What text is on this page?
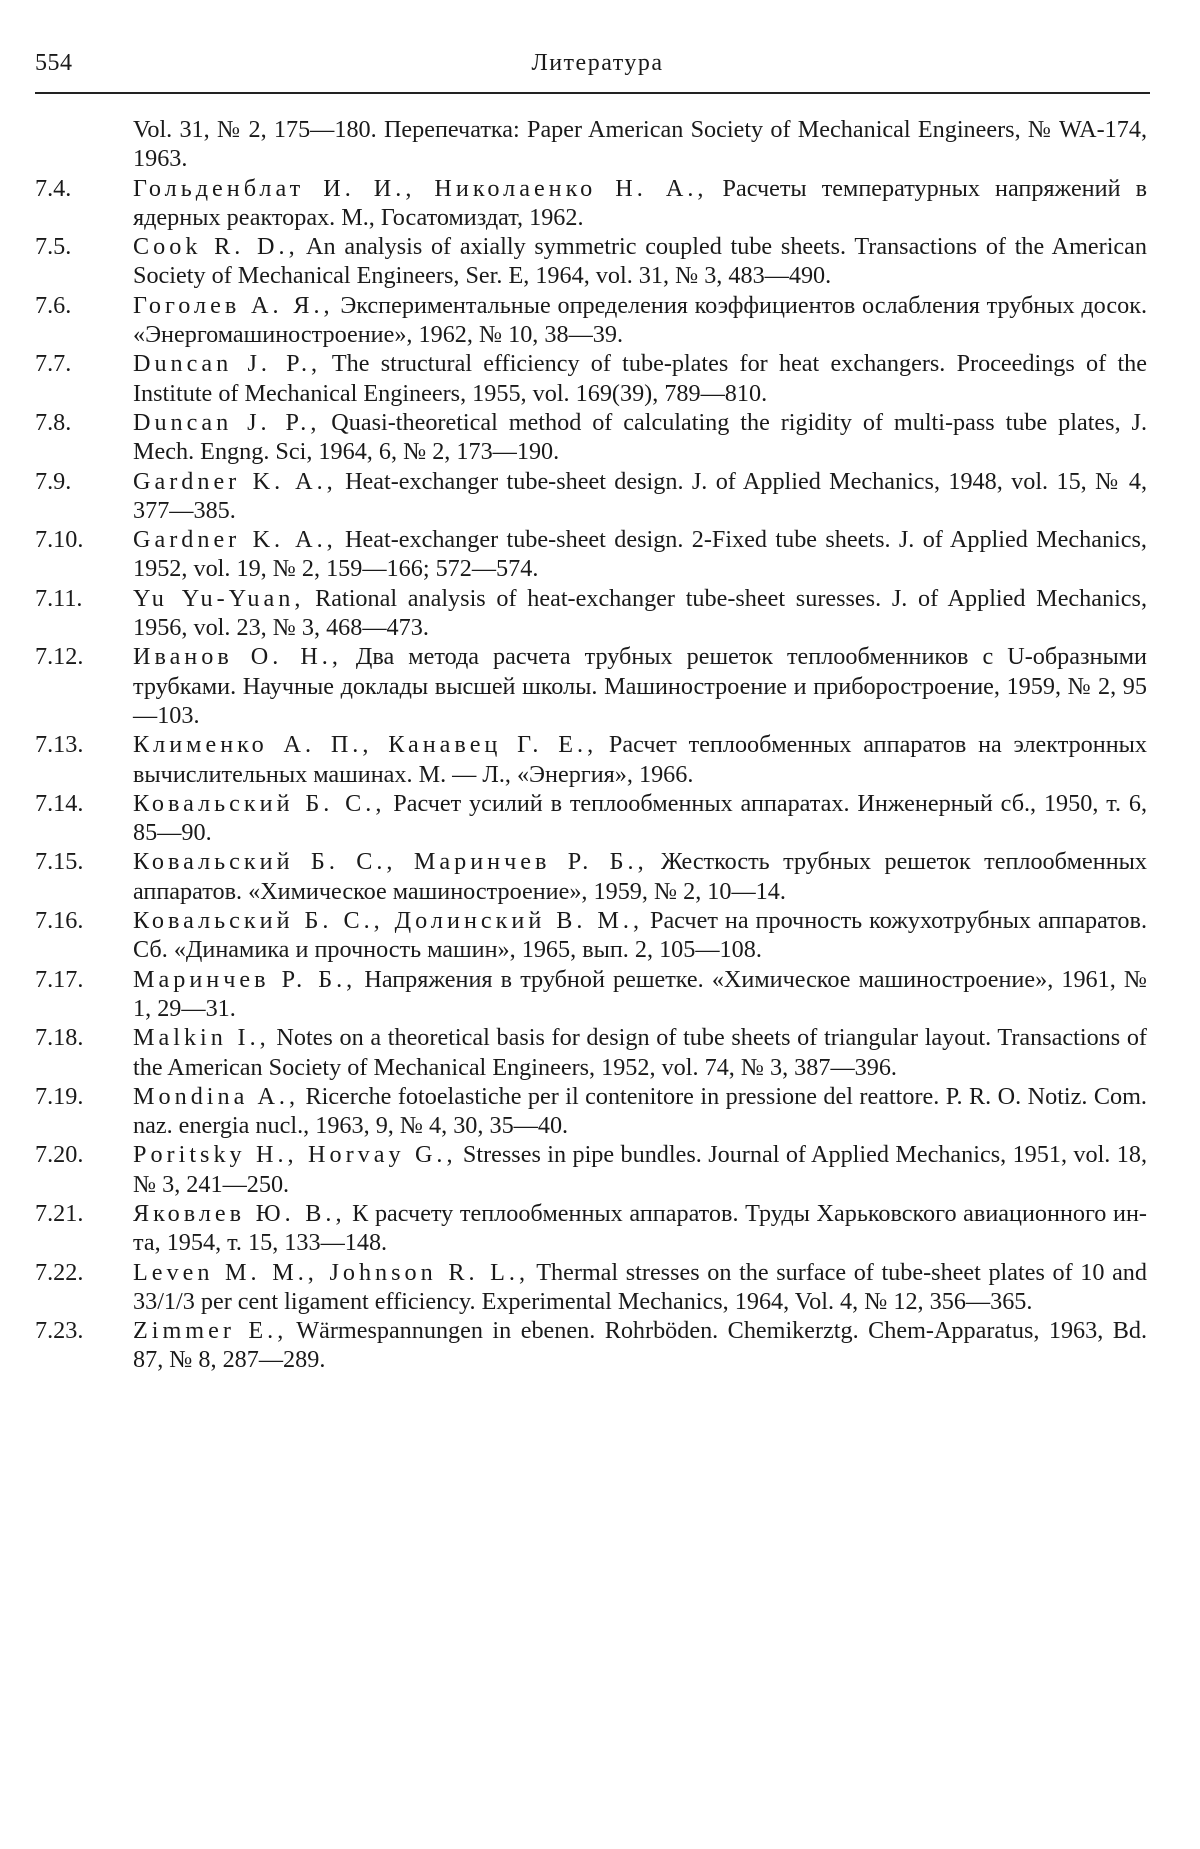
554	Литература
Vol. 31, № 2, 175—180. Перепечатка: Paper American Society of Mechanical Engineers, № WA-174, 1963.
7.4.	Гольденблат И. И., Николаенко Н. А., Расчеты температурных напряжений в ядерных реакторах. М., Госатомиздат, 1962.
7.5.	Cook R. D., An analysis of axially symmetric coupled tube sheets. Transactions of the American Society of Mechanical Engineers, Ser. E, 1964, vol. 31, № 3, 483—490.
7.6.	Гоголев А. Я., Экспериментальные определения коэффициентов ослабления трубных досок. «Энергомашиностроение», 1962, № 10, 38—39.
7.7.	Duncan J. P., The structural efficiency of tube-plates for heat exchangers. Proceedings of the Institute of Mechanical Engineers, 1955, vol. 169(39), 789—810.
7.8.	Duncan J. P., Quasi-theoretical method of calculating the rigidity of multi-pass tube plates, J. Mech. Engng. Sci, 1964, 6, № 2, 173—190.
7.9.	Gardner K. A., Heat-exchanger tube-sheet design. J. of Applied Mechanics, 1948, vol. 15, № 4, 377—385.
7.10. Gardner K. A., Heat-exchanger tube-sheet design. 2-Fixed tube sheets. J. of Applied Mechanics, 1952, vol. 19, № 2, 159—166; 572—574.
7.11. Yu Yu-Yuan, Rational analysis of heat-exchanger tube-sheet suresses. J. of Applied Mechanics, 1956, vol. 23, № 3, 468—473.
7.12. Иванов О. Н., Два метода расчета трубных решеток теплообменников с U-образными трубками. Научные доклады высшей школы. Машиностроение и приборостроение, 1959, № 2, 95—103.
7.13. Клименко А. П., Канавец Г. Е., Расчет теплообменных аппаратов на электронных вычислительных машинах. М. — Л., «Энергия», 1966.
7.14. Ковальский Б. С., Расчет усилий в теплообменных аппаратах. Инженерный сб., 1950, т. 6, 85—90.
7.15. Ковальский Б. С., Маринчев Р. Б., Жесткость трубных решеток теплообменных аппаратов. «Химическое машиностроение», 1959, № 2, 10—14.
7.16. Ковальский Б. С., Долинский В. М., Расчет на прочность кожухотрубных аппаратов. Сб. «Динамика и прочность машин», 1965, вып. 2, 105—108.
7.17. Маринчев Р. Б., Напряжения в трубной решетке. «Химическое машиностроение», 1961, № 1, 29—31.
7.18. Malkin I., Notes on a theoretical basis for design of tube sheets of triangular layout. Transactions of the American Society of Mechanical Engineers, 1952, vol. 74, № 3, 387—396.
7.19. Mondina A., Ricerche fotoelastiche per il contenitore in pressione del reattore. P. R. O. Notiz. Com. naz. energia nucl., 1963, 9, № 4, 30, 35—40.
7.20. Poritsky H., Horvay G., Stresses in pipe bundles. Journal of Applied Mechanics, 1951, vol. 18, № 3, 241—250.
7.21. Яковлев Ю. В., К расчету теплообменных аппаратов. Труды Харьковского авиационного ин-та, 1954, т. 15, 133—148.
7.22. Leven M. M., Johnson R. L., Thermal stresses on the surface of tube-sheet plates of 10 and 33/1/3 per cent ligament efficiency. Experimental Mechanics, 1964, Vol. 4, № 12, 356—365.
7.23. Zimmer E., Wärmespannungen in ebenen. Rohrböden. Chemikerztg. Chem-Apparatus, 1963, Bd. 87, № 8, 287—289.
